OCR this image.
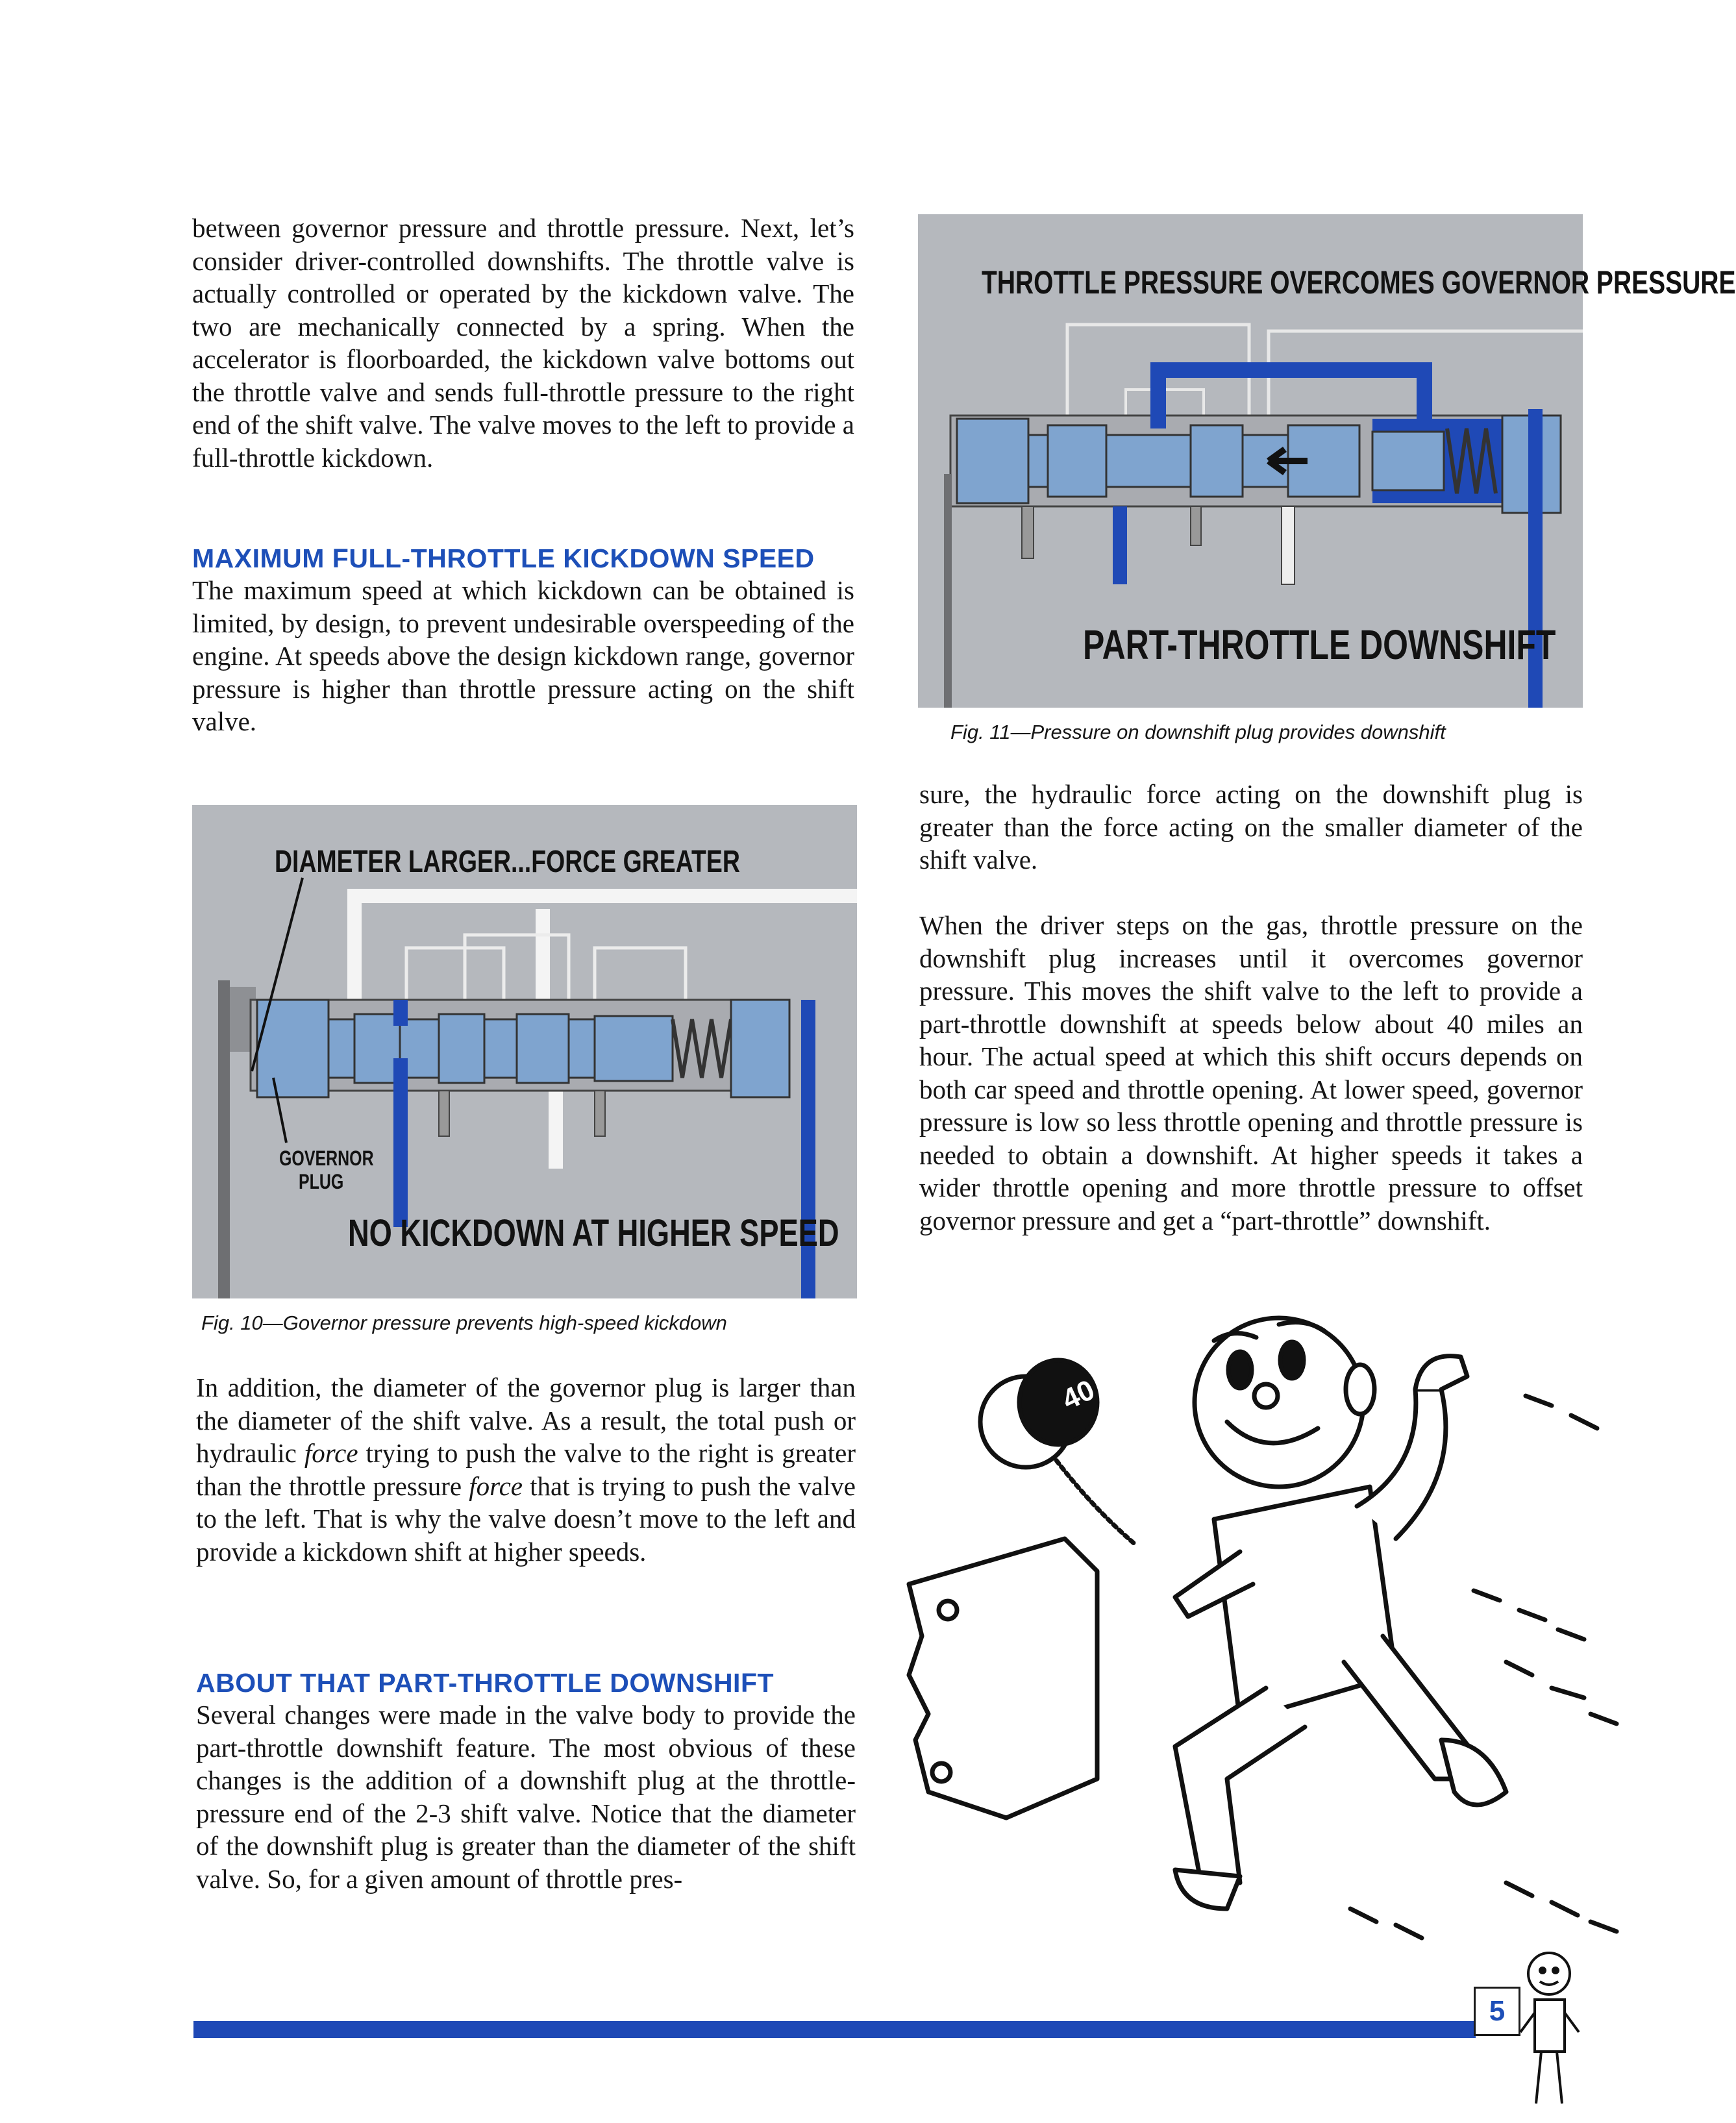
between governor pressure and throttle pressure. Next, let’s consider driver-controlled downshifts. The throttle valve is actually controlled or operated by the kickdown valve. The two are mechanically connected by a spring. When the accelerator is floorboarded, the kickdown valve bottoms out the throttle valve and sends full-throttle pressure to the right end of the shift valve. The valve moves to the left to provide a full-throttle kickdown.

MAXIMUM FULL-THROTTLE KICKDOWN SPEED

The maximum speed at which kickdown can be obtained is limited, by design, to prevent undesirable overspeeding of the engine. At speeds above the design kickdown range, governor pressure is higher than throttle pressure acting on the shift valve.

DIAMETER LARGER...FORCE GREATER
GOVERNOR
PLUG
NO KICKDOWN AT HIGHER SPEED

Fig. 10—Governor pressure prevents high-speed kickdown

In addition, the diameter of the governor plug is larger than the diameter of the shift valve. As a result, the total push or hydraulic force trying to push the valve to the right is greater than the throttle pressure force that is trying to push the valve to the left. That is why the valve doesn’t move to the left and provide a kickdown shift at higher speeds.

ABOUT THAT PART-THROTTLE DOWNSHIFT

Several changes were made in the valve body to provide the part-throttle downshift feature. The most obvious of these changes is the addition of a downshift plug at the throttle-pressure end of the 2-3 shift valve. Notice that the diameter of the downshift plug is greater than the diameter of the shift valve. So, for a given amount of throttle pres-

THROTTLE PRESSURE OVERCOMES GOVERNOR PRESSURE
PART-THROTTLE DOWNSHIFT

Fig. 11—Pressure on downshift plug provides downshift

sure, the hydraulic force acting on the downshift plug is greater than the force acting on the smaller diameter of the shift valve.

When the driver steps on the gas, throttle pressure on the downshift plug increases until it overcomes governor pressure. This moves the shift valve to the left to provide a part-throttle downshift at speeds below about 40 miles an hour. The actual speed at which this shift occurs depends on both car speed and throttle opening. At lower speed, governor pressure is low so less throttle opening and throttle pressure is needed to obtain a downshift. At higher speeds it takes a wider throttle opening and more throttle pressure to offset governor pressure and get a “part-throttle” downshift.

40
5
